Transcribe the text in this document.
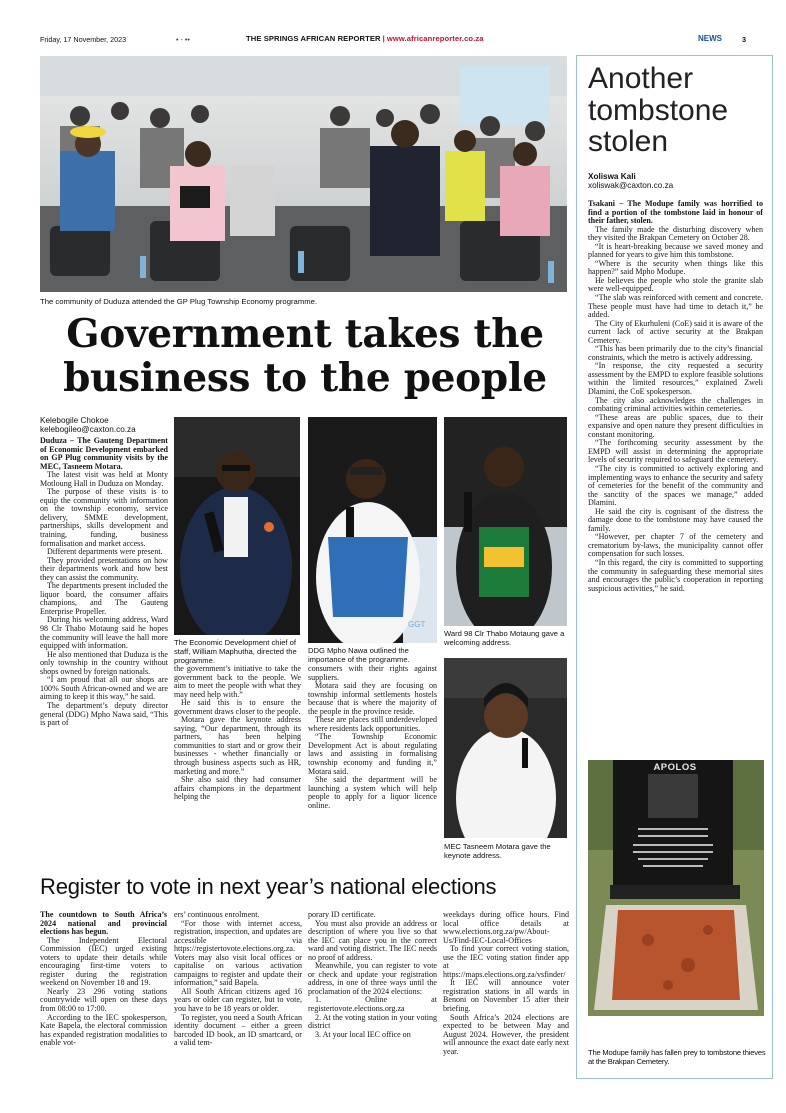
Friday, 17 November, 2023	• - ••	THE SPRINGS AFRICAN REPORTER | www.africanreporter.co.za	NEWS	3
The community of Duduza attended the GP Plug Township Economy programme.
Government takes the
business to the people
Kelebogile Chokoe
kelebogileo@caxton.co.za

Duduza – The Gauteng Department of Economic Development embarked on GP Plug community visits by the MEC, Tasneem Motara.

The latest visit was held at Monty Motloung Hall in Duduza on Monday.

The purpose of these visits is to equip the community with information on the township economy, service delivery, SMME development, partnerships, skills development and training, funding, business formalisation and market access.

Different departments were present.

They provided presentations on how their departments work and how best they can assist the community.

The departments present included the liquor board, the consumer affairs champions, and The Gauteng Enterprise Propeller.

During his welcoming address, Ward 98 Clr Thabo Motaung said he hopes the community will leave the hall more equipped with information.

He also mentioned that Duduza is the only township in the country without shops owned by foreign nationals.

“I am proud that all our shops are 100% South African-owned and we are aiming to keep it this way,” he said.

The department’s deputy director general (DDG) Mpho Nawa said, “This is part of

The Economic Development chief of staff, William Maphutha, directed the programme.
GGT
DDG Mpho Nawa outlined the importance of the programme.
Ward 98 Clr Thabo Motaung gave a welcoming address.

the government’s initiative to take the government back to the people. We aim to meet the people with what they may need help with.”

He said this is to ensure the government draws closer to the people.

Motara gave the keynote address saying, “Our department, through its partners, has been helping communities to start and or grow their businesses - whether financially or through business aspects such as HR, marketing and more.”

She also said they had consumer affairs champions in the department helping the

consumers with their rights against suppliers.

Motara said they are focusing on township informal settlements hostels because that is where the majority of the people in the province reside.

These are places still underdeveloped where residents lack opportunities.

“The Township Economic Development Act is about regulating laws and assisting in formalising township economy and funding it,” Motara said.

She said the department will be launching a system which will help people to apply for a liquor licence online.

MEC Tasneem Motara gave the keynote address.
Another tombstone stolen
Xoliswa Kali
xoliswak@caxton.co.za

Tsakani – The Modupe family was horrified to find a portion of the tombstone laid in honour of their father, stolen.

The family made the disturbing discovery when they visited the Brakpan Cemetery on October 28.

“It is heart-breaking because we saved money and planned for years to give him this tombstone.

“Where is the security when things like this happen?” said Mpho Modupe.

He believes the people who stole the granite slab were well-equipped.

“The slab was reinforced with cement and concrete. These people must have had time to detach it,” he added.

The City of Ekurhuleni (CoE) said it is aware of the current lack of active security at the Brakpan Cemetery.

“This has been primarily due to the city’s financial constraints, which the metro is actively addressing.

“In response, the city requested a security assessment by the EMPD to explore feasible solutions within the limited resources,” explained Zweli Dlamini, the CoE spokesperson.

The city also acknowledges the challenges in combating criminal activities within cemeteries.

“These areas are public spaces, due to their expansive and open nature they present difficulties in constant monitoring.

“The forthcoming security assessment by the EMPD will assist in determining the appropriate levels of security required to safeguard the cemetery.

“The city is committed to actively exploring and implementing ways to enhance the security and safety of cemeteries for the benefit of the community and the sanctity of the spaces we manage,” added Dlamini.

He said the city is cognisant of the distress the damage done to the tombstone may have caused the family.

“However, per chapter 7 of the cemetery and crematorium by-laws, the municipality cannot offer compensation for such losses.

“In this regard, the city is committed to supporting the community in safeguarding these memorial sites and encourages the public’s cooperation in reporting suspicious activities,” he said.

APOLOS
The Modupe family has fallen prey to tombstone thieves at the Brakpan Cemetery.
Register to vote in next year’s national elections

The countdown to South Africa’s 2024 national and provincial elections has begun.

The Independent Electoral Commission (IEC) urged existing voters to update their details while encouraging first-time voters to register during the registration weekend on November 18 and 19.

Nearly 23 296 voting stations countrywide will open on these days from 08:00 to 17:00.

According to the IEC spokesperson, Kate Bapela, the electoral commission has expanded registration modalities to enable vot-

ers’ continuous enrolment.

“For those with internet access, registration, inspection, and updates are accessible via https://registertovote.elections.org.za. Voters may also visit local offices or capitalise on various activation campaigns to register and update their information,” said Bapela.

All South African citizens aged 16 years or older can register, but to vote, you have to be 18 years or older.

To register, you need a South African identity document – either a green barcoded ID book, an ID smartcard, or a valid tem-

porary ID certificate.

You must also provide an address or description of where you live so that the IEC can place you in the correct ward and voting district. The IEC needs no proof of address.

Meanwhile, you can register to vote or check and update your registration address, in one of three ways until the proclamation of the 2024 elections:

1. Online at registertovote.elections.org.za

2. At the voting station in your voting district

3. At your local IEC office on

weekdays during office hours. Find local office details at www.elections.org.za/pw/About-Us/Find-IEC-Local-Offices

To find your correct voting station, use the IEC voting station finder app at https://maps.elections.org.za/vsfinder/

It IEC will announce voter registration stations in all wards in Benoni on November 15 after their briefing.

South Africa’s 2024 elections are expected to be between May and August 2024. However, the president will announce the exact date early next year.
